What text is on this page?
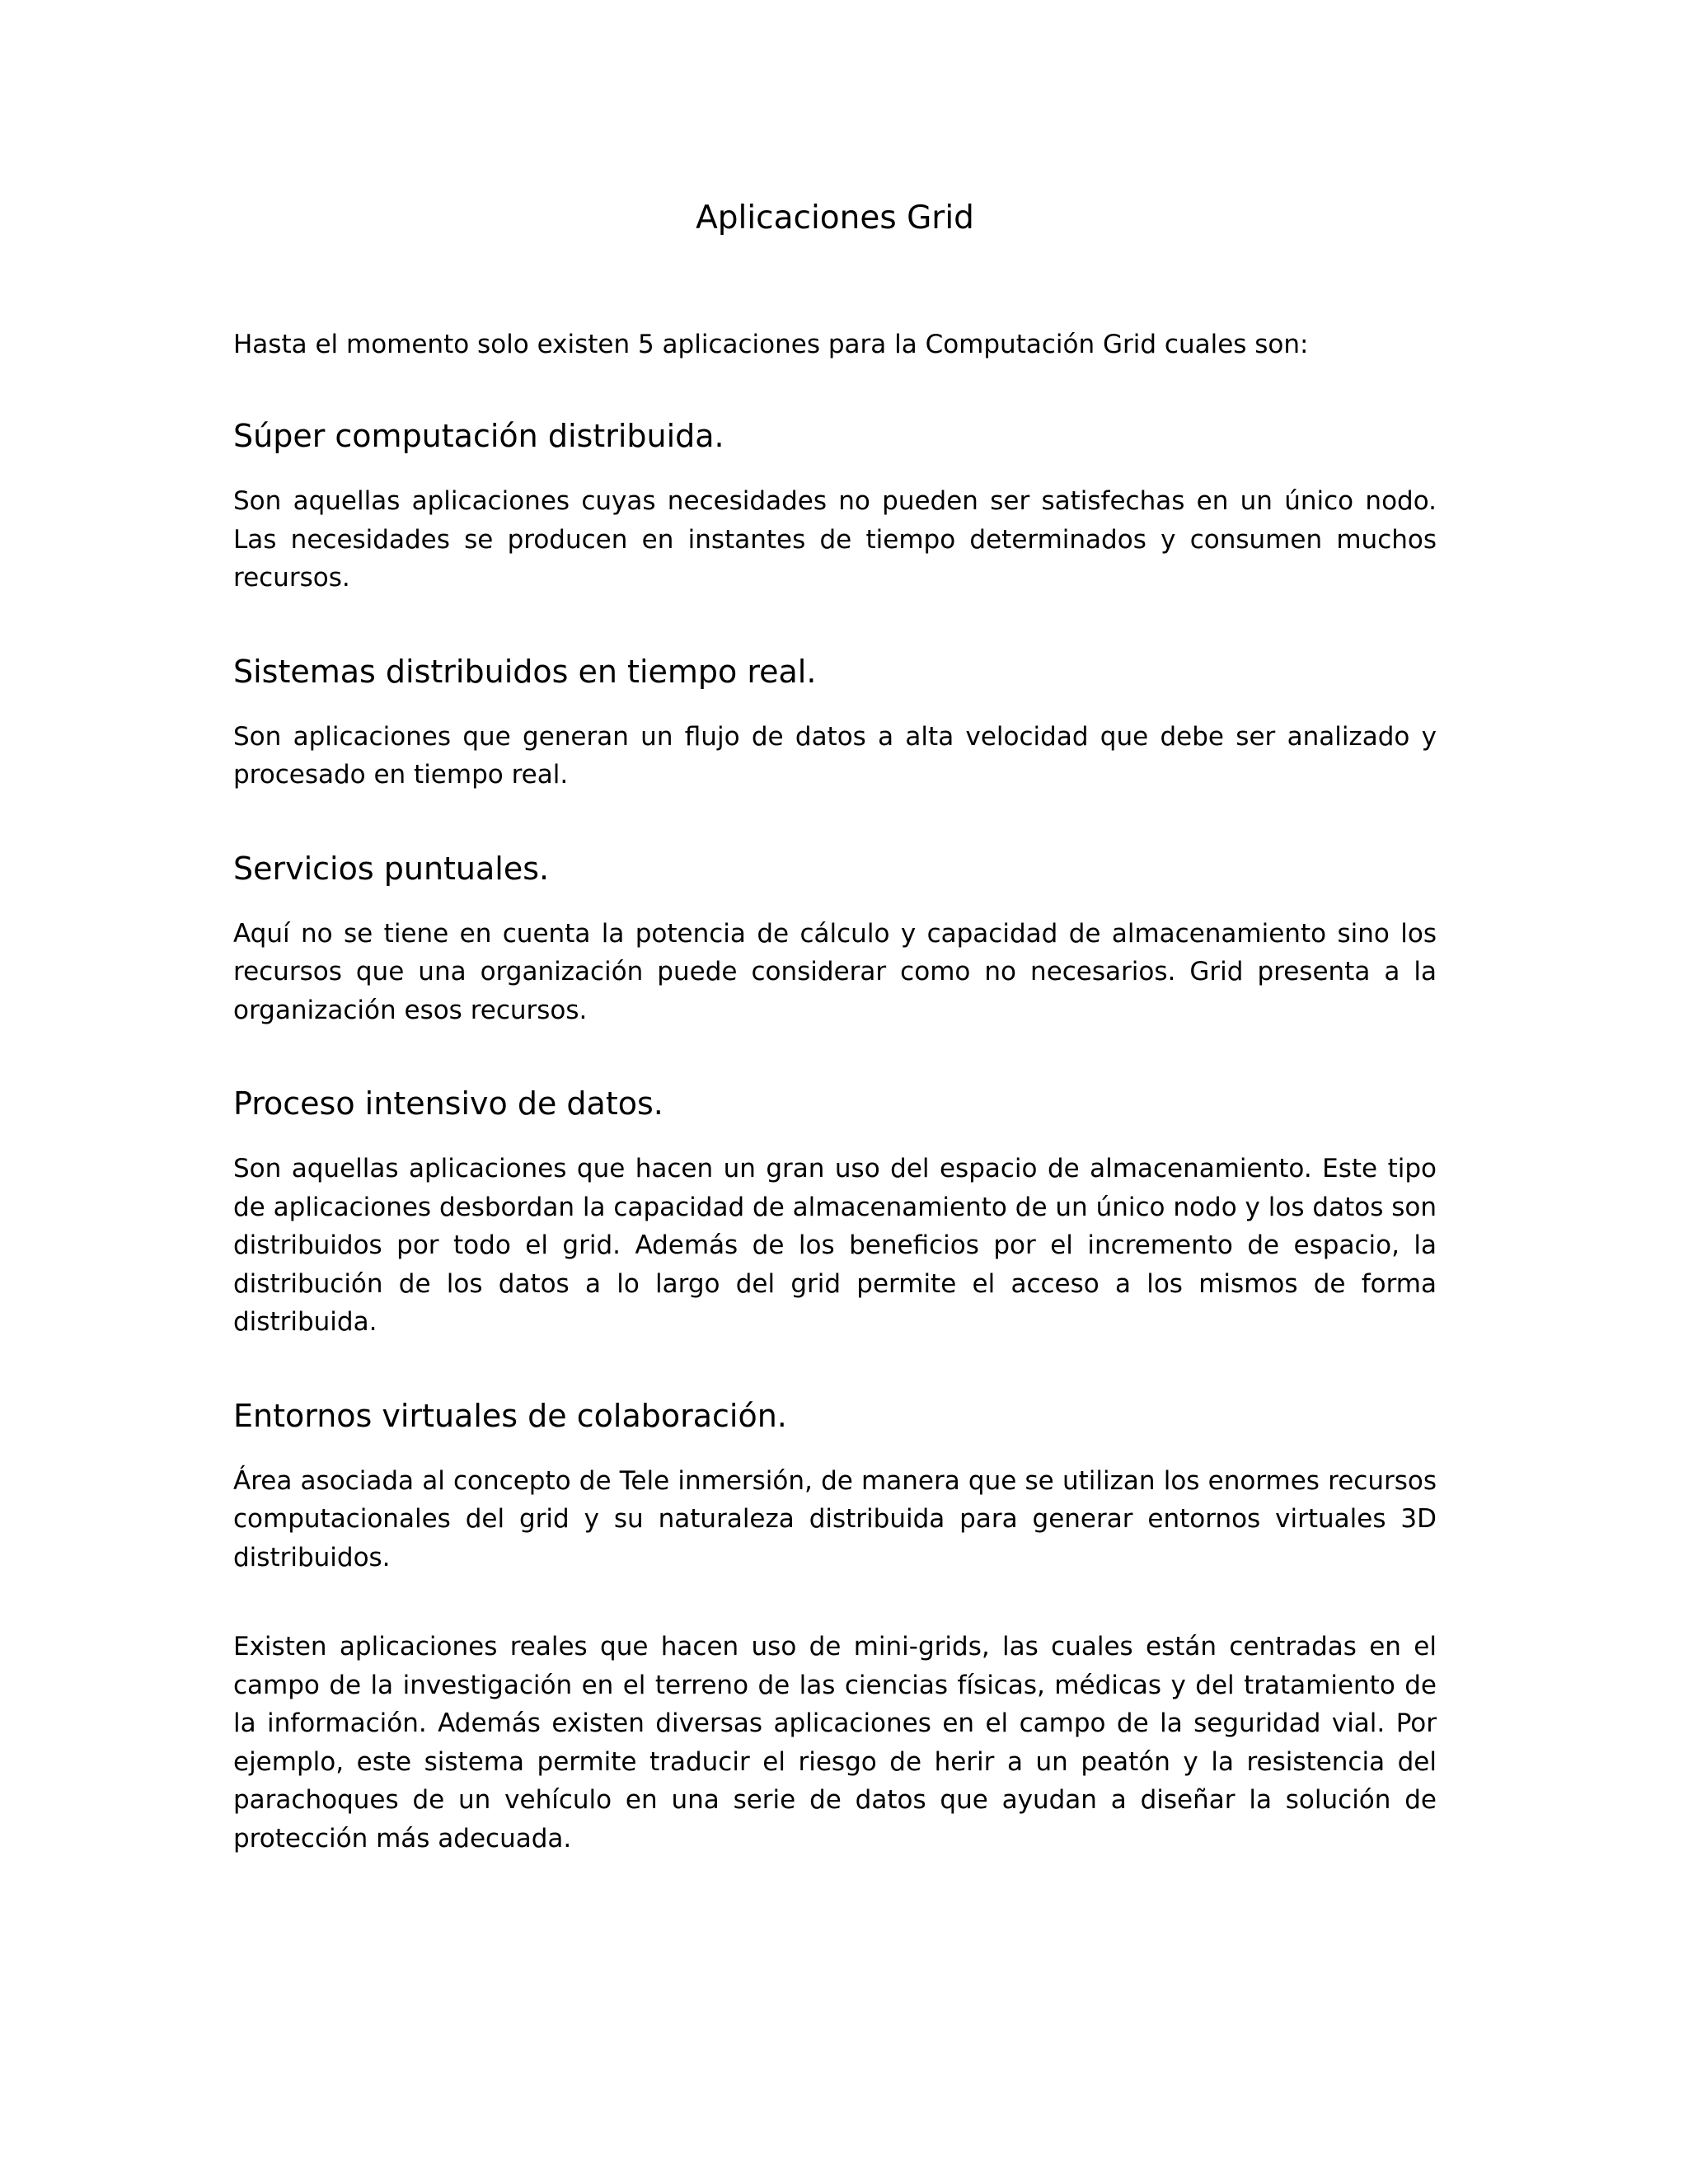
Aplicaciones Grid

Hasta el momento solo existen 5 aplicaciones para la Computación Grid cuales son:

Súper computación distribuida.

Son aquellas aplicaciones cuyas necesidades no pueden ser satisfechas en un único nodo. Las necesidades se producen en instantes de tiempo determinados y consumen muchos recursos.

Sistemas distribuidos en tiempo real.

Son aplicaciones que generan un flujo de datos a alta velocidad que debe ser analizado y procesado en tiempo real.

Servicios puntuales.

Aquí no se tiene en cuenta la potencia de cálculo y capacidad de almacenamiento sino los recursos que una organización puede considerar como no necesarios. Grid presenta a la organización esos recursos.

Proceso intensivo de datos.

Son aquellas aplicaciones que hacen un gran uso del espacio de almacenamiento. Este tipo de aplicaciones desbordan la capacidad de almacenamiento de un único nodo y los datos son distribuidos por todo el grid. Además de los beneficios por el incremento de espacio, la distribución de los datos a lo largo del grid permite el acceso a los mismos de forma distribuida.

Entornos virtuales de colaboración.

Área asociada al concepto de Tele inmersión, de manera que se utilizan los enormes recursos computacionales del grid y su naturaleza distribuida para generar entornos virtuales 3D distribuidos.

Existen aplicaciones reales que hacen uso de mini-grids, las cuales están centradas en el campo de la investigación en el terreno de las ciencias físicas, médicas y del tratamiento de la información. Además existen diversas aplicaciones en el campo de la seguridad vial. Por ejemplo, este sistema permite traducir el riesgo de herir a un peatón y la resistencia del parachoques de un vehículo en una serie de datos que ayudan a diseñar la solución de protección más adecuada.
